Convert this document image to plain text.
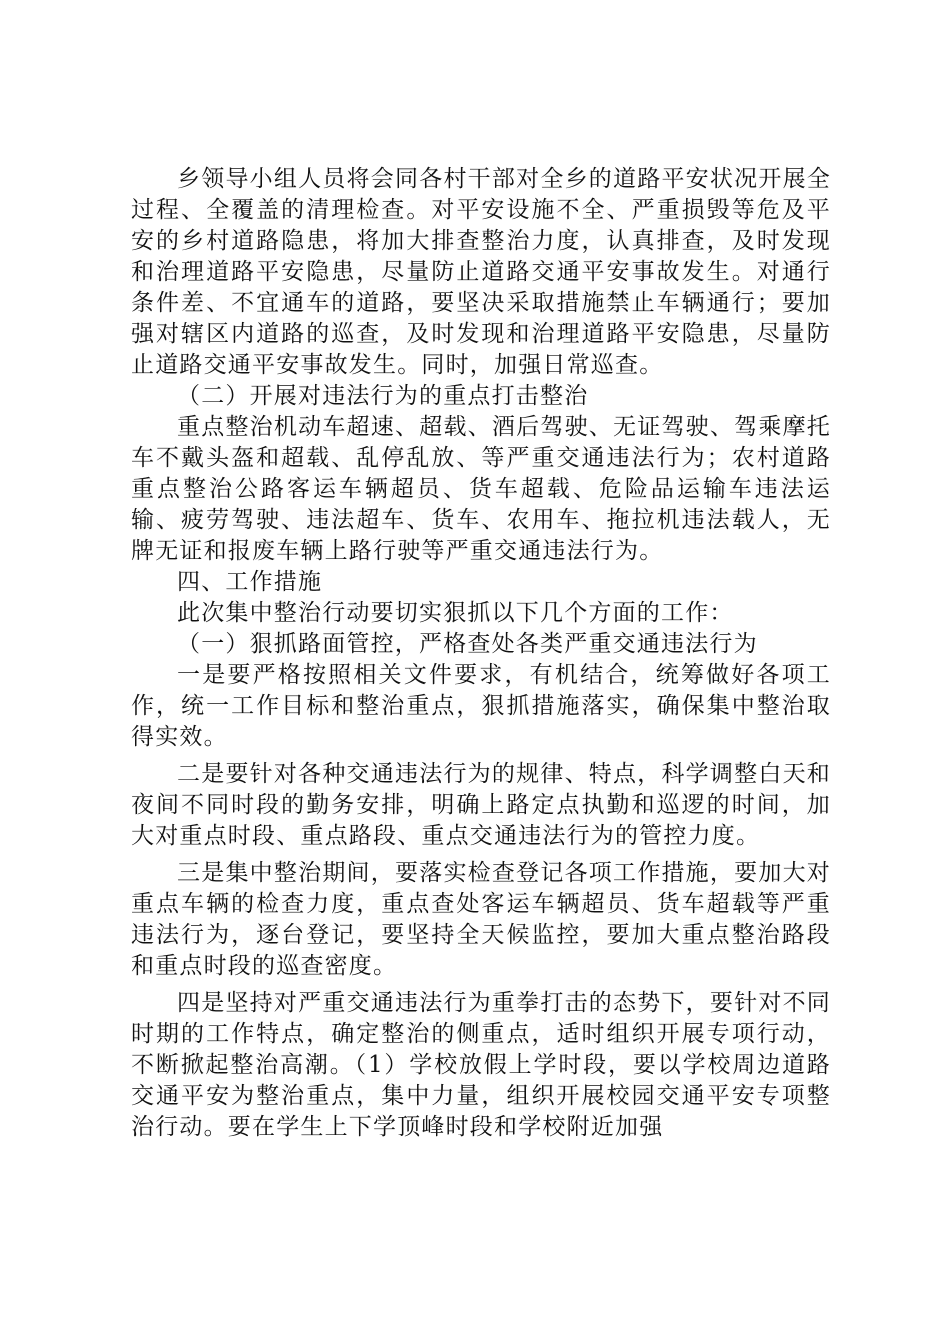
乡领导小组人员将会同各村干部对全乡的道路平安状况开展全过程、全覆盖的清理检查。对平安设施不全、严重损毁等危及平安的乡村道路隐患，将加大排查整治力度，认真排查，及时发现和治理道路平安隐患，尽量防止道路交通平安事故发生。对通行条件差、不宜通车的道路，要坚决采取措施禁止车辆通行；要加强对辖区内道路的巡查，及时发现和治理道路平安隐患，尽量防止道路交通平安事故发生。同时，加强日常巡查。

（二）开展对违法行为的重点打击整治

重点整治机动车超速、超载、酒后驾驶、无证驾驶、驾乘摩托车不戴头盔和超载、乱停乱放、等严重交通违法行为；农村道路重点整治公路客运车辆超员、货车超载、危险品运输车违法运输、疲劳驾驶、违法超车、货车、农用车、拖拉机违法载人，无牌无证和报废车辆上路行驶等严重交通违法行为。

四、工作措施

此次集中整治行动要切实狠抓以下几个方面的工作：

（一）狠抓路面管控，严格查处各类严重交通违法行为

一是要严格按照相关文件要求，有机结合，统筹做好各项工作，统一工作目标和整治重点，狠抓措施落实，确保集中整治取得实效。

二是要针对各种交通违法行为的规律、特点，科学调整白天和夜间不同时段的勤务安排，明确上路定点执勤和巡逻的时间，加大对重点时段、重点路段、重点交通违法行为的管控力度。

三是集中整治期间，要落实检查登记各项工作措施，要加大对重点车辆的检查力度，重点查处客运车辆超员、货车超载等严重违法行为，逐台登记，要坚持全天候监控，要加大重点整治路段和重点时段的巡查密度。

四是坚持对严重交通违法行为重拳打击的态势下，要针对不同时期的工作特点，确定整治的侧重点，适时组织开展专项行动，不断掀起整治高潮。（1）学校放假上学时段，要以学校周边道路交通平安为整治重点，集中力量，组织开展校园交通平安专项整治行动。要在学生上下学顶峰时段和学校附近加强
